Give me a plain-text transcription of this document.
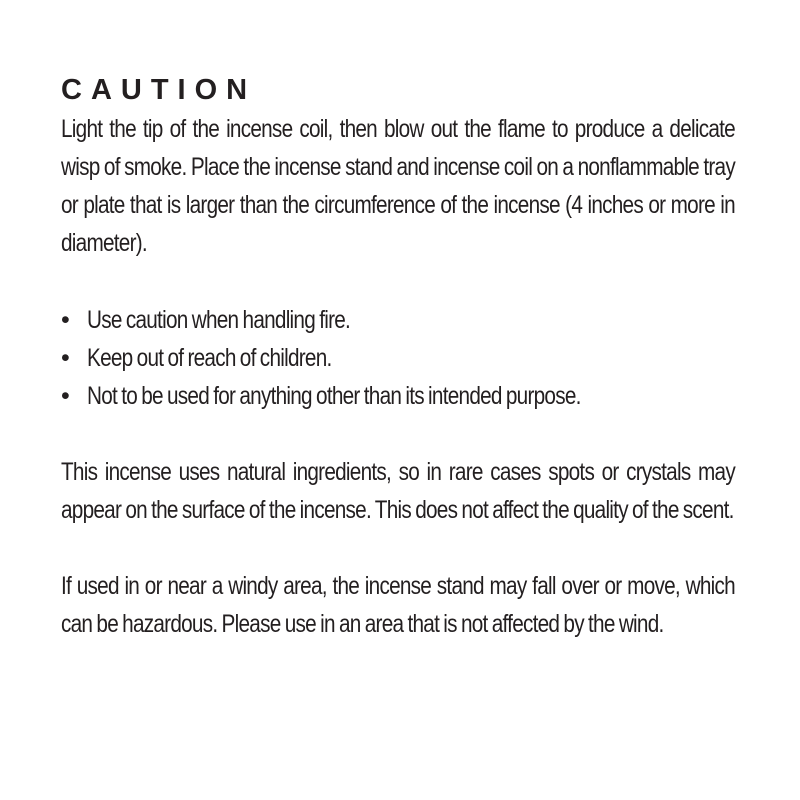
CAUTION

Light the tip of the incense coil, then blow out the flame to produce a delicate wisp of smoke. Place the incense stand and incense coil on a nonflammable tray or plate that is larger than the circumference of the incense (4 inches or more in diameter).

• Use caution when handling fire.
• Keep out of reach of children.
• Not to be used for anything other than its intended purpose.

This incense uses natural ingredients, so in rare cases spots or crystals may appear on the surface of the incense. This does not affect the quality of the scent.

If used in or near a windy area, the incense stand may fall over or move, which can be hazardous. Please use in an area that is not affected by the wind.
